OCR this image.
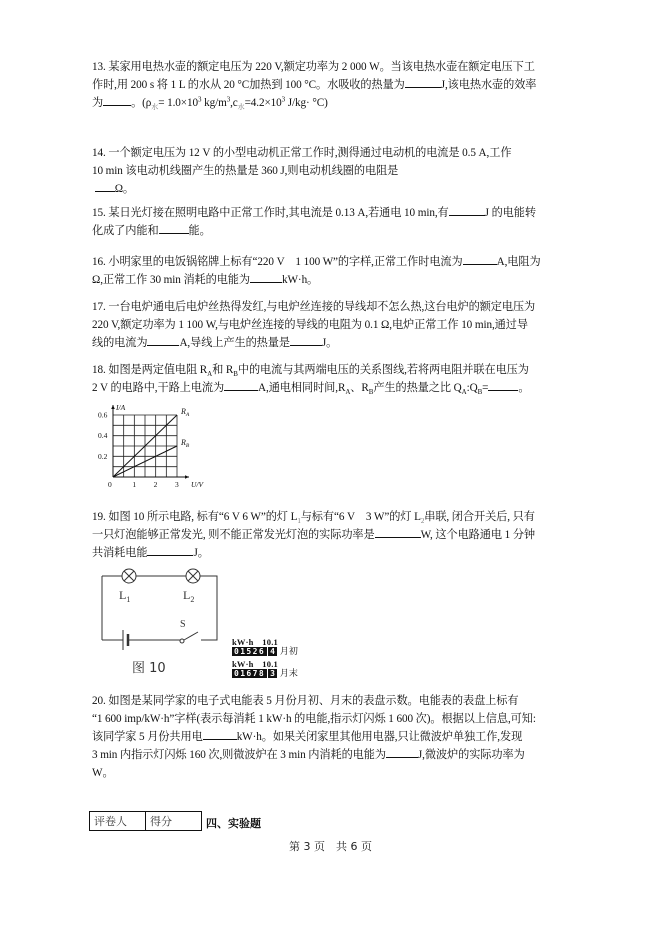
13. 某家用电热水壶的额定电压为 220 V,额定功率为 2 000 W。当该电热水壶在额定电压下工
作时,用 200 s 将 1 L 的水从 20 °C加热到 100 °C。水吸收的热量为	J,该电热水壶的效率
为	。($\rho_水= 1.0\times 10^3$ $kg/m^3,c_水=4.2\times 10^3$ J/kg· °C)
14. 一个额定电压为 12 V 的小型电动机正常工作时,测得通过电动机的电流是 0.5 A,工作
10 min 该电动机线圈产生的热量是 360 J,则电动机线圈的电阻是
Ω。
15. 某日光灯接在照明电路中正常工作时,其电流是 0.13 A,若通电 10 min,有	J 的电能转
化成了内能和	能。
16. 小明家里的电饭锅铭牌上标有“220 V　1 100 W”的字样,正常工作时电流为	A,电阻为
Ω,正常工作 30 min 消耗的电能为	kW·h。
17. 一台电炉通电后电炉丝热得发红,与电炉丝连接的导线却不怎么热,这台电炉的额定电压为
220 V,额定功率为 1 100 W,与电炉丝连接的导线的电阻为 0.1 Ω,电炉正常工作 10 min,通过导
线的电流为	A,导线上产生的热量是	J。
18. 如图是两定值电阻 $R_A$和 $R_B$中的电流与其两端电压的关系图线,若将两电阻并联在电压为
2 V 的电路中,干路上电流为	A,通电相同时间$,R_A$、$R_B$产生的热量之比 $Q_A:Q_B=$	。
$R_A$
$R_B$
0	1 2 3
0.2
0.4
0.6
U/V
I/A
19. 如图 10 所示电路, 标有“6 V 6 W”的灯 $L_1$与标有“6 V　3 W”的灯 $L_2$串联, 闭合开关后, 只有
一只灯泡能够正常发光, 则不能正常发光灯泡的实际功率是	W, 这个电路通电 1 分钟
共消耗电能	J。
$L_1$	$L_2$
S
图 10
kW·h　10.1
01526 4 月初
kW·h　10.1
01678 3 月末
20. 如图是某同学家的电子式电能表 5 月份月初、月末的表盘示数。电能表的表盘上标有
“1 600 imp/kW·h”字样(表示每消耗 1 kW·h 的电能,指示灯闪烁 1 600 次)。根据以上信息,可知:
该同学家 5 月份共用电	kW·h。如果关闭家里其他用电器,只让微波炉单独工作,发现
3 min 内指示灯闪烁 160 次,则微波炉在 3 min 内消耗的电能为	J,微波炉的实际功率为
W。
评卷人	得分	四、实验题
第 3 页　共 6 页
